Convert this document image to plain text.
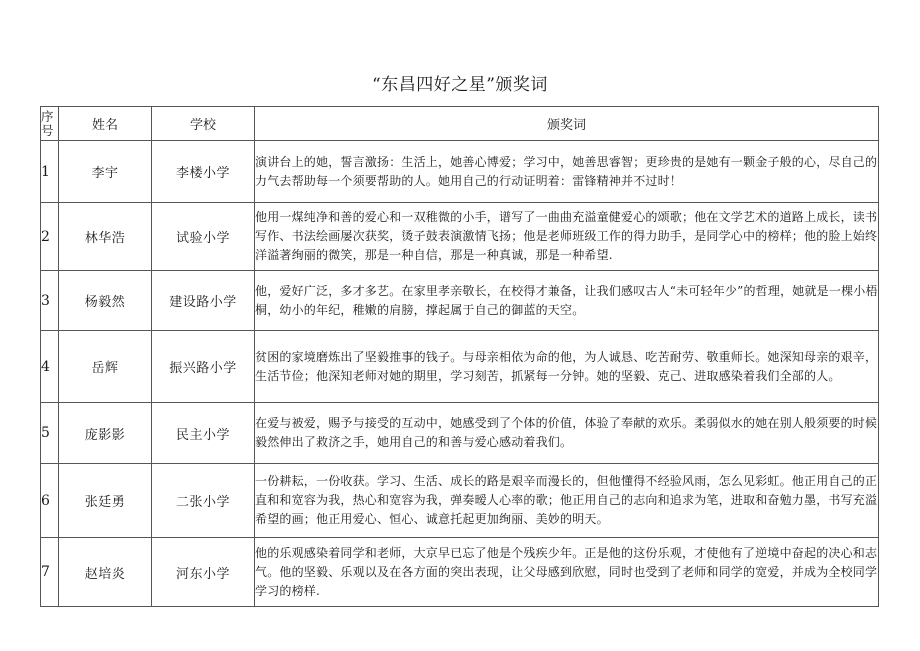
“东昌四好之星”颁奖词
序号	姓名	学校	颁奖词
1	李宇	李楼小学	演讲台上的她，誓言激扬：生活上，她善心博爱；学习中，她善思睿智；更珍贵的是她有一颗金子般的心，尽自己的力气去帮助每一个须要帮助的人。她用自己的行动证明着：雷锋精神并不过时！
2	林华浩	试验小学	他用一煤纯净和善的爱心和一双稚微的小手，谱写了一曲曲充溢童健爱心的颂歌；他在文学艺术的道路上成长，读书写作、书法绘画屡次获奖，烫子鼓表演激情飞扬；他是老师班级工作的得力助手，是同学心中的榜样；他的脸上始终洋溢著绚丽的微笑，那是一种自信，那是一种真诚，那是一种希望.
3	杨毅然	建设路小学	他，爱好广泛，多才多艺。在家里孝亲敬长，在校得才兼备，让我们感叹古人“未可轻年少”的哲理，她就是一棵小梧桐，幼小的年纪，稚嫩的肩膀，撑起属于自己的御蓝的天空。
4	岳辉	振兴路小学	贫困的家境磨炼出了坚毅推事的钱子。与母亲相依为命的他，为人诚恳、吃苦耐劳、敬重师长。她深知母亲的艰辛，生活节俭；他深知老师对她的期里，学习刻苦，抓紧每一分钟。她的坚毅、克己、进取感染着我们全部的人。
5	庞影影	民主小学	在爱与被爱，赐予与接受的互动中，她感受到了个体的价值，体验了奉献的欢乐。柔弱似水的她在别人般须要的时候毅然伸出了救济之手，她用自己的和善与爱心感动着我们。
6	张廷勇	二张小学	一份耕耘，一份收获。学习、生活、成长的路是艰辛而漫长的，但他懂得不经验风雨，怎么见彩虹。他正用自己的正直和和宽容为我，热心和宽容为我，弹奏暧人心率的歌；他正用自己的志向和追求为笔，进取和奋勉力墨，书写充溢希望的画；他正用爱心、恒心、诚意托起更加绚丽、美妙的明天。
7	赵培炎	河东小学	他的乐观感染着同学和老师，大京早已忘了他是个残疾少年。正是他的这份乐观，才使他有了逆境中奋起的决心和志气。他的坚毅、乐观以及在各方面的突出表现，让父母感到欣慰，同时也受到了老师和同学的宽爱，并成为全校同学学习的榜样.
